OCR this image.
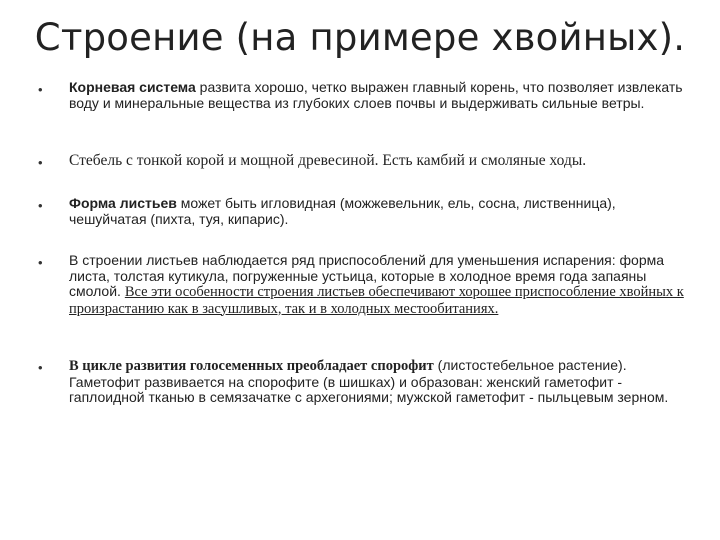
Строение (на примере хвойных).
•	Корневая система развита хорошо, четко выражен главный корень, что позволяет извлекать воду и минеральные вещества из глубоких слоев почвы и выдерживать сильные ветры.
•	Стебель с тонкой корой и мощной древесиной. Есть камбий и смоляные ходы.
•	Форма листьев может быть игловидная (можжевельник, ель, сосна, лиственница), чешуйчатая (пихта, туя, кипарис).
•	В строении листьев наблюдается ряд приспособлений для уменьшения испарения: форма листа, толстая кутикула, погруженные устьица, которые в холодное время года запаяны смолой. Все эти особенности строения листьев обеспечивают хорошее приспособление хвойных к произрастанию как в засушливых, так и в холодных местообитаниях.
•	В цикле развития голосеменных преобладает спорофит (листостебельное растение). Гаметофит развивается на спорофите (в шишках) и образован: женский гаметофит - гаплоидной тканью в семязачатке с архегониями; мужской гаметофит - пыльцевым зерном.
